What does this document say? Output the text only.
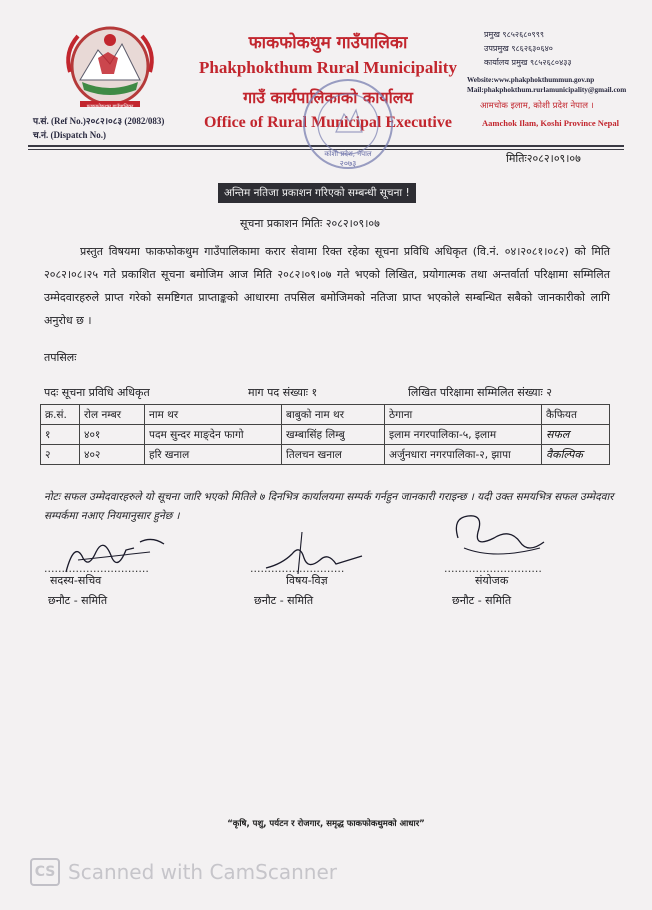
फाकफोकथुम गाउँपालिका
फाकफोकथुम गाउँपालिका
Phakphokthum Rural Municipality
गाउँ कार्यपालिकाको कार्यालय
Office of Rural Municipal Executive
प्रमुख ९८५२६८०९९९
उपप्रमुख ९८६२६३०६४०
कार्यालय प्रमुख ९८५२६८०४३३
Website:www.phakphokthummun.gov.np
Mail:phakphokthum.rurlamunicipality@gmail.com
आमचोक इलाम, कोशी प्रदेश नेपाल ।
Aamchok Ilam, Koshi Province Nepal
प.सं. (Ref No.)२०८२।०८३ (2082/083)
च.नं. (Dispatch No.)
कोशी प्रदेश, नेपाल
२०७३	मितिः२०८२।०९।०७
अन्तिम नतिजा प्रकाशन गरिएको सम्बन्धी सूचना !
सूचना प्रकाशन मितिः २०८२।०९।०७
प्रस्तुत विषयमा फाकफोकथुम गाउँपालिकामा करार सेवामा रिक्त रहेका सूचना प्रविधि अधिकृत (वि.नं. ०४।२०८१।०८२) को मिति २०८२।०८।२५ गते प्रकाशित सूचना बमोजिम आज मिति २०८२।०९।०७ गते भएको लिखित, प्रयोगात्मक तथा अन्तर्वार्ता परिक्षामा सम्मिलित उम्मेदवारहरुले प्राप्त गरेको समष्टिगत प्राप्ताङ्कको आधारमा तपसिल बमोजिमको नतिजा प्राप्त भएकोले सम्बन्धित सबैको जानकारीको लागि अनुरोध छ ।
तपसिलः
पदः सूचना प्रविधि अधिकृत	माग पद संख्याः १	लिखित परिक्षामा सम्मिलित संख्याः २
क्र.सं.	रोल नम्बर	नाम थर	बाबुको नाम थर	ठेगाना	कैफियत
१	४०१	पदम सुन्दर माङ्देन फागो	खम्बासिंह लिम्बु	इलाम नगरपालिका-५, इलाम	सफल
२	४०२	हरि खनाल	तिलचन खनाल	अर्जुनधारा नगरपालिका-२, झापा	वैकल्पिक
नोटः सफल उम्मेदवारहरुले यो सूचना जारि भएको मितिले ७ दिनभित्र कार्यालयमा सम्पर्क गर्नहुन जानकारी गराइन्छ । यदी उक्त समयभित्र सफल उम्मेदवार सम्पर्कमा नआए नियमानुसार हुनेछ ।
..............................
सदस्य-सचिव
छनौट - समिति
...........................
विषय-विज्ञ
छनौट - समिति
............................
संयोजक
छनौट - समिति
“कृषि, पशु, पर्यटन र रोजगार, समृद्ध फाकफोकथुमको आधार”
CS Scanned with CamScanner
